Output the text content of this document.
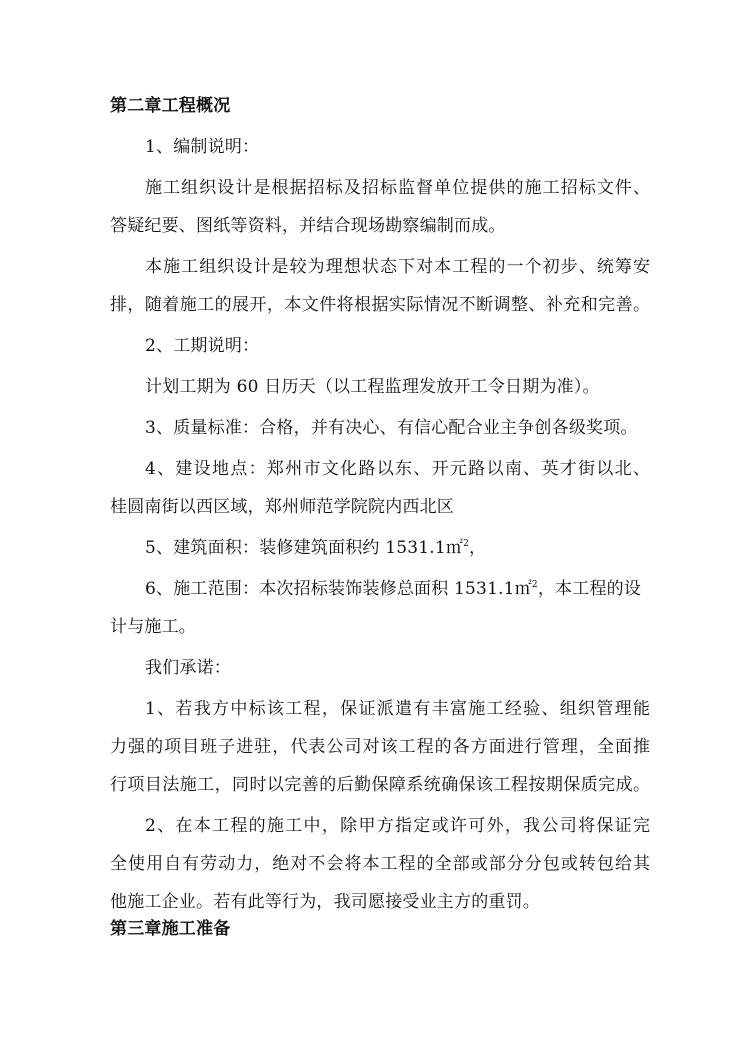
第二章工程概况
1、编制说明：
施工组织设计是根据招标及招标监督单位提供的施工招标文件、
答疑纪要、图纸等资料，并结合现场勘察编制而成。
本施工组织设计是较为理想状态下对本工程的一个初步、统筹安
排，随着施工的展开，本文件将根据实际情况不断调整、补充和完善。
2、工期说明：
计划工期为 60 日历天（以工程监理发放开工令日期为准）。
3、质量标准：合格，并有决心、有信心配合业主争创各级奖项。
4、建设地点：郑州市文化路以东、开元路以南、英才街以北、
桂圆南街以西区域，郑州师范学院院内西北区
5、建筑面积：装修建筑面积约 1531.1㎡$^2$，
6、施工范围：本次招标装饰装修总面积 1531.1㎡$^2$，本工程的设
计与施工。
我们承诺：
1、若我方中标该工程，保证派遣有丰富施工经验、组织管理能
力强的项目班子进驻，代表公司对该工程的各方面进行管理，全面推
行项目法施工，同时以完善的后勤保障系统确保该工程按期保质完成。
2、在本工程的施工中，除甲方指定或许可外，我公司将保证完
全使用自有劳动力，绝对不会将本工程的全部或部分分包或转包给其
他施工企业。若有此等行为，我司愿接受业主方的重罚。
第三章施工准备
